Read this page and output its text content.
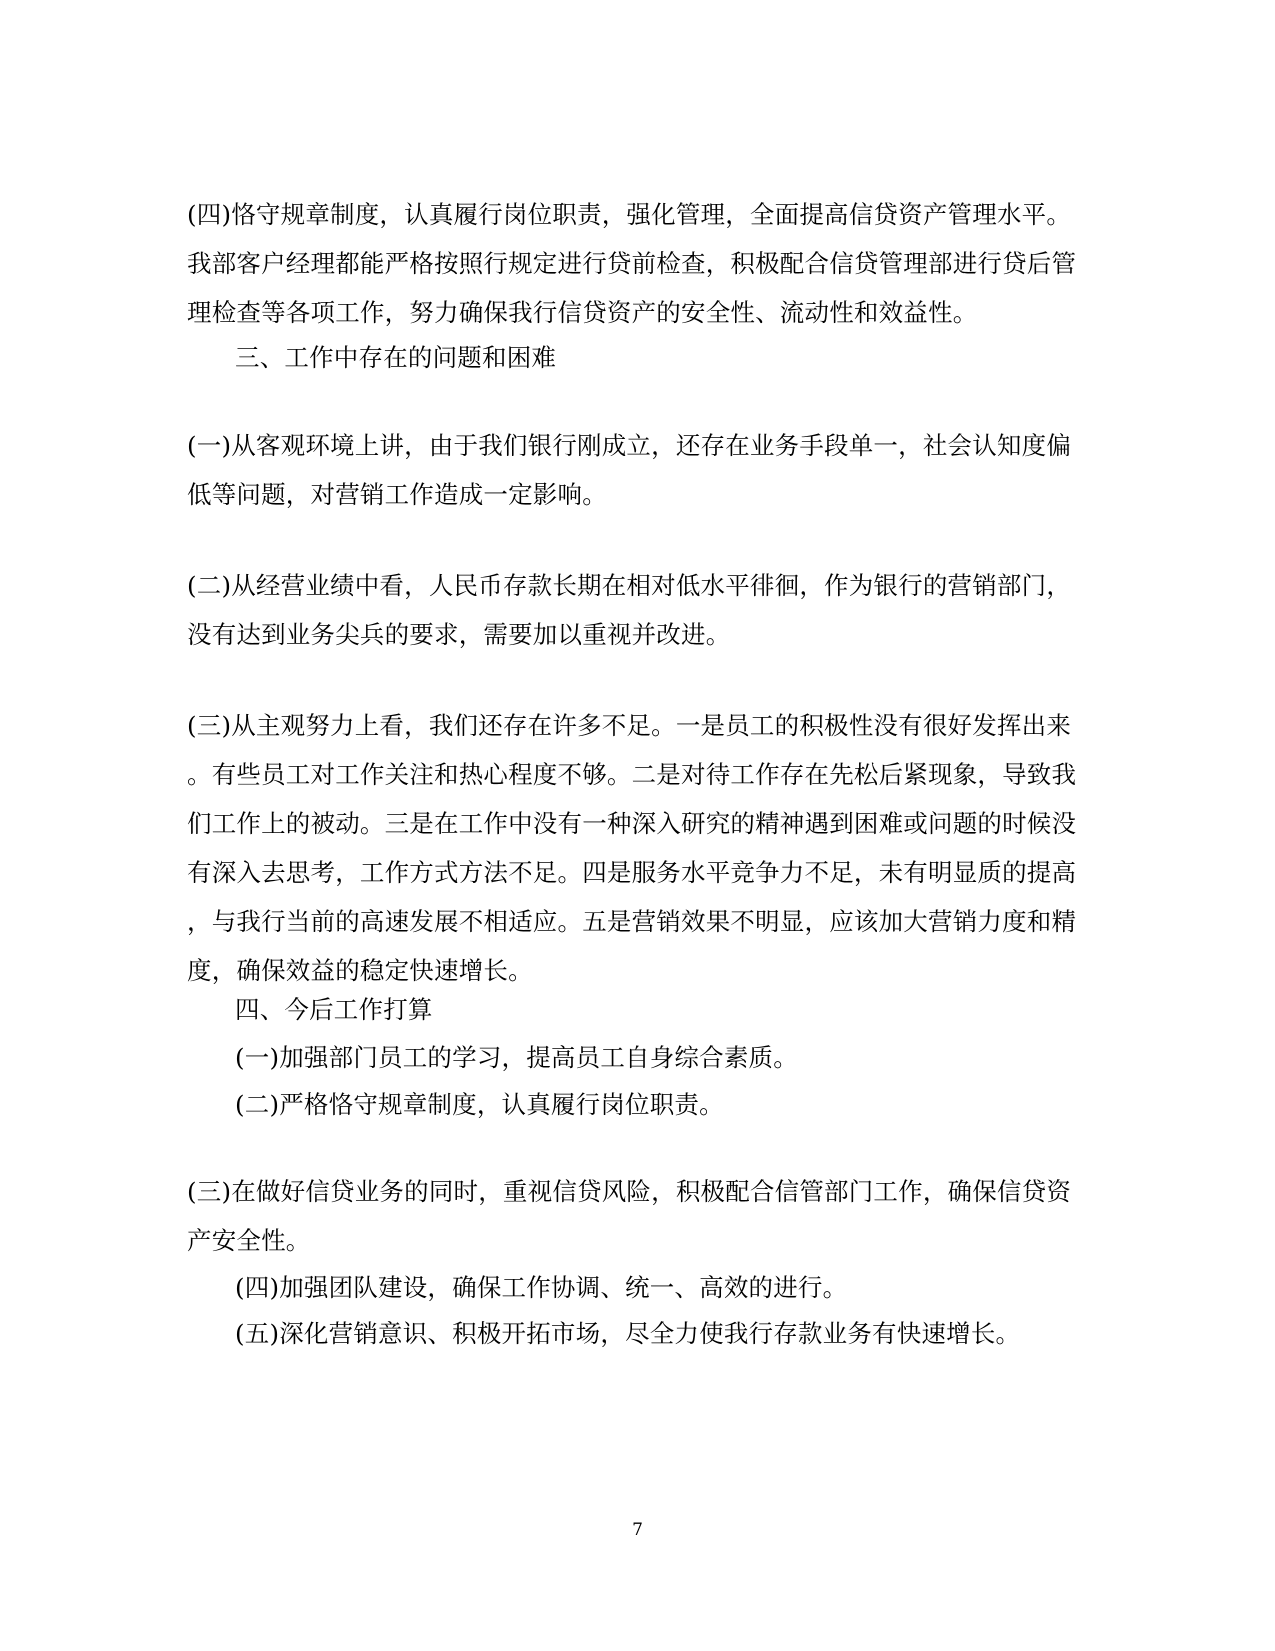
(四)恪守规章制度，认真履行岗位职责，强化管理，全面提高信贷资产管理水平。
我部客户经理都能严格按照行规定进行贷前检查，积极配合信贷管理部进行贷后管
理检查等各项工作，努力确保我行信贷资产的安全性、流动性和效益性。

三、工作中存在的问题和困难

(一)从客观环境上讲，由于我们银行刚成立，还存在业务手段单一，社会认知度偏
低等问题，对营销工作造成一定影响。

(二)从经营业绩中看，人民币存款长期在相对低水平徘徊，作为银行的营销部门，
没有达到业务尖兵的要求，需要加以重视并改进。

(三)从主观努力上看，我们还存在许多不足。一是员工的积极性没有很好发挥出来
。有些员工对工作关注和热心程度不够。二是对待工作存在先松后紧现象，导致我
们工作上的被动。三是在工作中没有一种深入研究的精神遇到困难或问题的时候没
有深入去思考，工作方式方法不足。四是服务水平竞争力不足，未有明显质的提高
，与我行当前的高速发展不相适应。五是营销效果不明显，应该加大营销力度和精
度，确保效益的稳定快速增长。

四、今后工作打算

(一)加强部门员工的学习，提高员工自身综合素质。

(二)严格恪守规章制度，认真履行岗位职责。

(三)在做好信贷业务的同时，重视信贷风险，积极配合信管部门工作，确保信贷资
产安全性。

(四)加强团队建设，确保工作协调、统一、高效的进行。

(五)深化营销意识、积极开拓市场，尽全力使我行存款业务有快速增长。

7
